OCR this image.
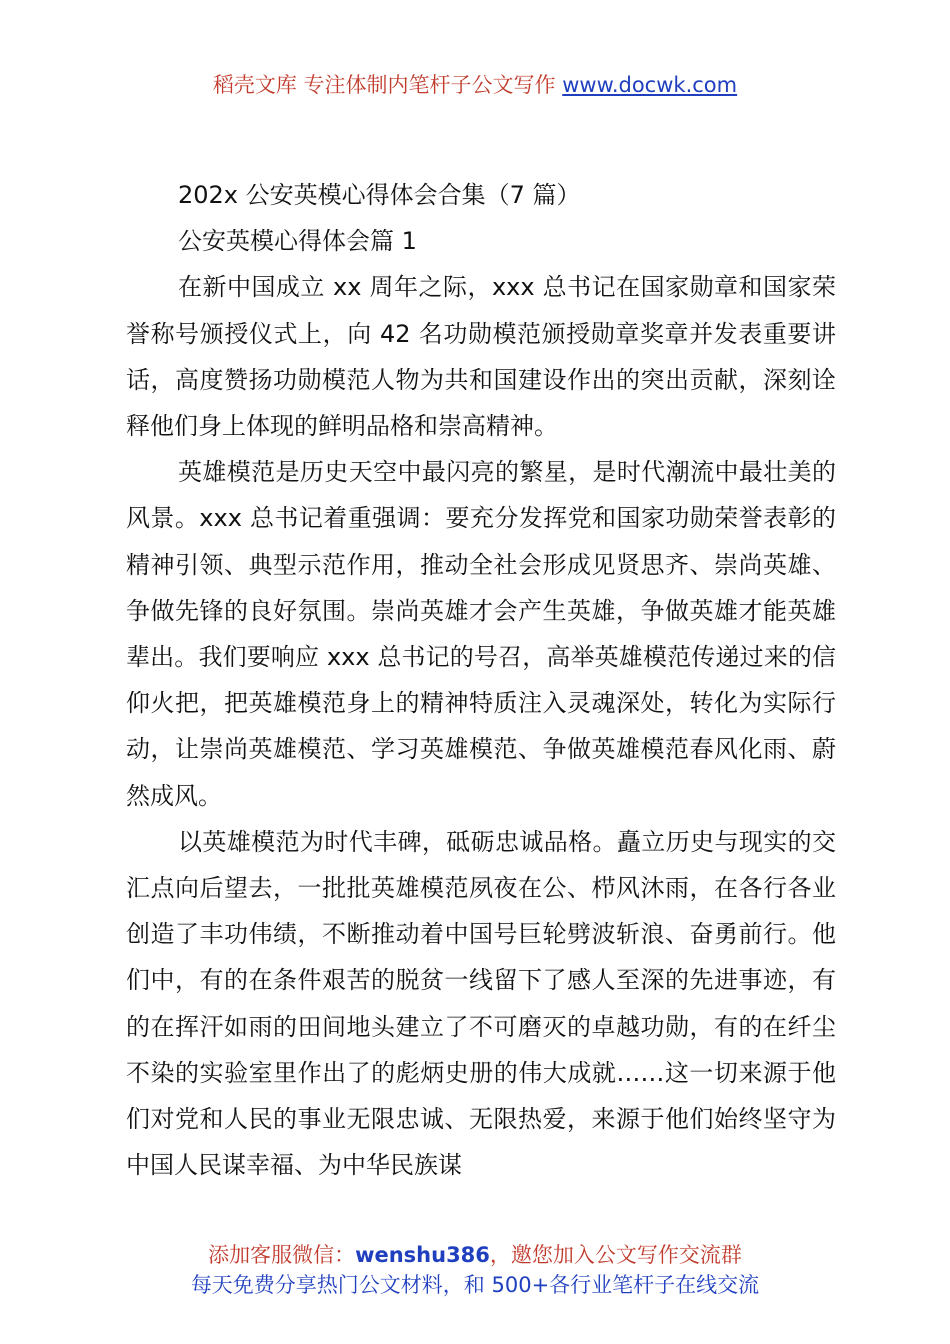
稻壳文库 专注体制内笔杆子公文写作 www.docwk.com

202x 公安英模心得体会合集（7 篇）

公安英模心得体会篇 1

在新中国成立 xx 周年之际，xxx 总书记在国家勋章和国家荣誉称号颁授仪式上，向 42 名功勋模范颁授勋章奖章并发表重要讲话，高度赞扬功勋模范人物为共和国建设作出的突出贡献，深刻诠释他们身上体现的鲜明品格和崇高精神。

英雄模范是历史天空中最闪亮的繁星，是时代潮流中最壮美的风景。xxx 总书记着重强调：要充分发挥党和国家功勋荣誉表彰的精神引领、典型示范作用，推动全社会形成见贤思齐、崇尚英雄、争做先锋的良好氛围。崇尚英雄才会产生英雄，争做英雄才能英雄辈出。我们要响应 xxx 总书记的号召，高举英雄模范传递过来的信仰火把，把英雄模范身上的精神特质注入灵魂深处，转化为实际行动，让崇尚英雄模范、学习英雄模范、争做英雄模范春风化雨、蔚然成风。

以英雄模范为时代丰碑，砥砺忠诚品格。矗立历史与现实的交汇点向后望去，一批批英雄模范夙夜在公、栉风沐雨，在各行各业创造了丰功伟绩，不断推动着中国号巨轮劈波斩浪、奋勇前行。他们中，有的在条件艰苦的脱贫一线留下了感人至深的先进事迹，有的在挥汗如雨的田间地头建立了不可磨灭的卓越功勋，有的在纤尘不染的实验室里作出了的彪炳史册的伟大成就……这一切来源于他们对党和人民的事业无限忠诚、无限热爱，来源于他们始终坚守为中国人民谋幸福、为中华民族谋

添加客服微信：wenshu386，邀您加入公文写作交流群
每天免费分享热门公文材料，和 500+各行业笔杆子在线交流
